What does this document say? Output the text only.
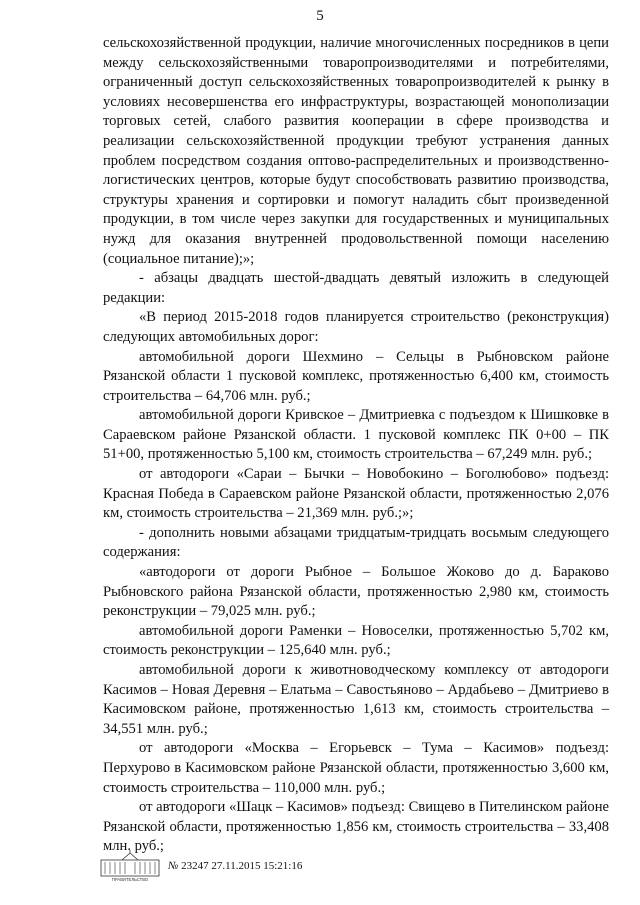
5

сельскохозяйственной продукции, наличие многочисленных посредников в цепи между сельскохозяйственными товаропроизводителями и потребителями, ограниченный доступ сельскохозяйственных товаропроизводителей к рынку в условиях несовершенства его инфраструктуры, возрастающей монополизации торговых сетей, слабого развития кооперации в сфере производства и реализации сельскохозяйственной продукции требуют устранения данных проблем посредством создания оптово-распределительных и производственно-логистических центров, которые будут способствовать развитию производства, структуры хранения и сортировки и помогут наладить сбыт произведенной продукции, в том числе через закупки для государственных и муниципальных нужд для оказания внутренней продовольственной помощи населению (социальное питание);»;

- абзацы двадцать шестой-двадцать девятый изложить в следующей редакции:

«В период 2015-2018 годов планируется строительство (реконструкция) следующих автомобильных дорог:

автомобильной дороги Шехмино – Сельцы в Рыбновском районе Рязанской области 1 пусковой комплекс, протяженностью 6,400 км, стоимость строительства – 64,706 млн. руб.;

автомобильной дороги Кривское – Дмитриевка с подъездом к Шишковке в Сараевском районе Рязанской области. 1 пусковой комплекс ПК 0+00 – ПК 51+00, протяженностью 5,100 км, стоимость строительства – 67,249 млн. руб.;

от автодороги «Сараи – Бычки – Новобокино – Боголюбово» подъезд: Красная Победа в Сараевском районе Рязанской области, протяженностью 2,076 км, стоимость строительства – 21,369 млн. руб.;»;

- дополнить новыми абзацами тридцатым-тридцать восьмым следующего содержания:

«автодороги от дороги Рыбное – Большое Жоково до д. Бараково Рыбновского района Рязанской области, протяженностью 2,980 км, стоимость реконструкции – 79,025 млн. руб.;

автомобильной дороги Раменки – Новоселки, протяженностью 5,702 км, стоимость реконструкции – 125,640 млн. руб.;

автомобильной дороги к животноводческому комплексу от автодороги Касимов – Новая Деревня – Елатьма – Савостьяново – Ардабьево – Дмитриево в Касимовском районе, протяженностью 1,613 км, стоимость строительства – 34,551 млн. руб.;

от автодороги «Москва – Егорьевск – Тума – Касимов» подъезд: Перхурово в Касимовском районе Рязанской области, протяженностью 3,600 км, стоимость строительства – 110,000 млн. руб.;

от автодороги «Шацк – Касимов» подъезд: Свищево в Пителинском районе Рязанской области, протяженностью 1,856 км, стоимость строительства – 33,408 млн. руб.;

ПРАВИТЕЛЬСТВО
№ 23247 27.11.2015 15:21:16
